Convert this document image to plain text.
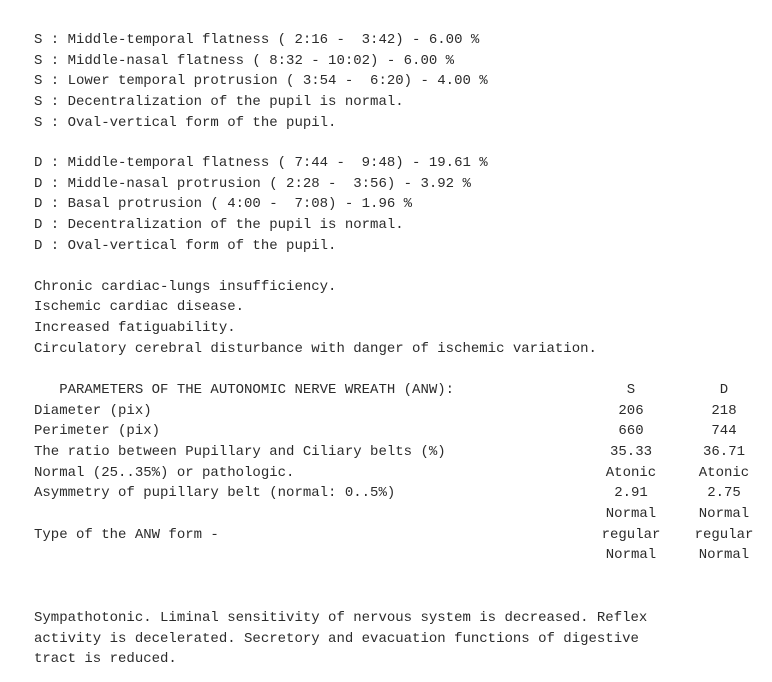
S : Middle-temporal flatness ( 2:16 -  3:42) - 6.00 %
S : Middle-nasal flatness ( 8:32 - 10:02) - 6.00 %
S : Lower temporal protrusion ( 3:54 -  6:20) - 4.00 %
S : Decentralization of the pupil is normal.
S : Oval-vertical form of the pupil.
D : Middle-temporal flatness ( 7:44 -  9:48) - 19.61 %
D : Middle-nasal protrusion ( 2:28 -  3:56) - 3.92 %
D : Basal protrusion ( 4:00 -  7:08) - 1.96 %
D : Decentralization of the pupil is normal.
D : Oval-vertical form of the pupil.
Chronic cardiac-lungs insufficiency.
Ischemic cardiac disease.
Increased fatiguability.
Circulatory cerebral disturbance with danger of ischemic variation.
PARAMETERS OF THE AUTONOMIC NERVE WREATH (ANW):	S	D
Diameter (pix)	206	218
Perimeter (pix)	660	744
The ratio between Pupillary and Ciliary belts (%)	35.33	36.71
Normal (25..35%) or pathologic.	Atonic	Atonic
Asymmetry of pupillary belt (normal: 0..5%)	2.91	2.75
Normal	Normal
Type of the ANW form -	regular	regular
Normal	Normal
Sympathotonic. Liminal sensitivity of nervous system is decreased. Reflex
activity is decelerated. Secretory and evacuation functions of digestive
tract is reduced.
